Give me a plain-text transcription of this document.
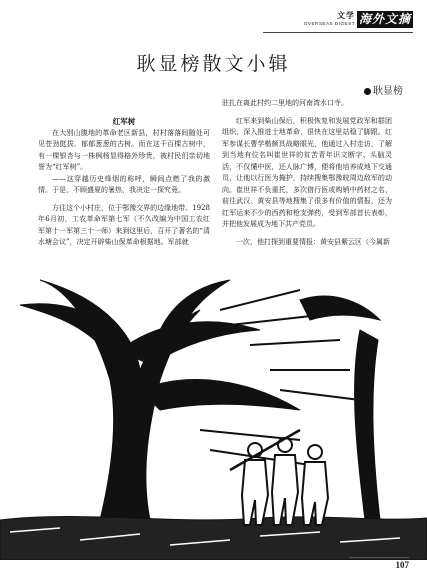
文学
OVERSEAS DIGEST 海外文摘
耿显榜散文小辑
耿显榜

红军树

在大别山腹地的革命老区新县，村村落落间随处可见苍劲挺拔、郁郁葱葱的古树。而在这千百棵古树中，有一棵银杏与一株枫杨显得格外珍贵，被村民们亲切地誉为“红军树”。

——这穿越历史烽烟的称呼，瞬间点燃了我的激情。于是，不顾盛夏的暑热，我决定一探究竟。

方往这个小村庄，位于鄂豫交界的边缘地带。1928年6月初，工农革命军第七军（不久改编为中国工农红军第十一军第三十一师）来到这里后，召开了著名的“清水塘会议”，决定开辟柴山保革命根据地。军部就

驻扎在离此村约二里地的河南湾水口寺。

红军来到柴山保后，积极恢复和发展党政军和群团组织，深入推进土地革命，很快在这里站稳了脚跟。红军参谋长曹学楷颇具战略眼光，他通过入村走访，了解到当地有位名叫崔世祥的贫苦青年识文断字、头脑灵活，不仅懂中医，还人脉广博，便将他培养成地下交通员，让他以行医为掩护，持续搜集鄂豫皖周边敌军的动向。崔世祥不负重托，多次借行医或购销中药材之名，前往武汉、黄安县等地搜集了很多有价值的情报，还为红军运来不少的西药和枪支弹药，受到军部首长表彰，并把他发展成为地下共产党员。

一次，他打探到重要情报：黄安县紫云区（今属新

107
